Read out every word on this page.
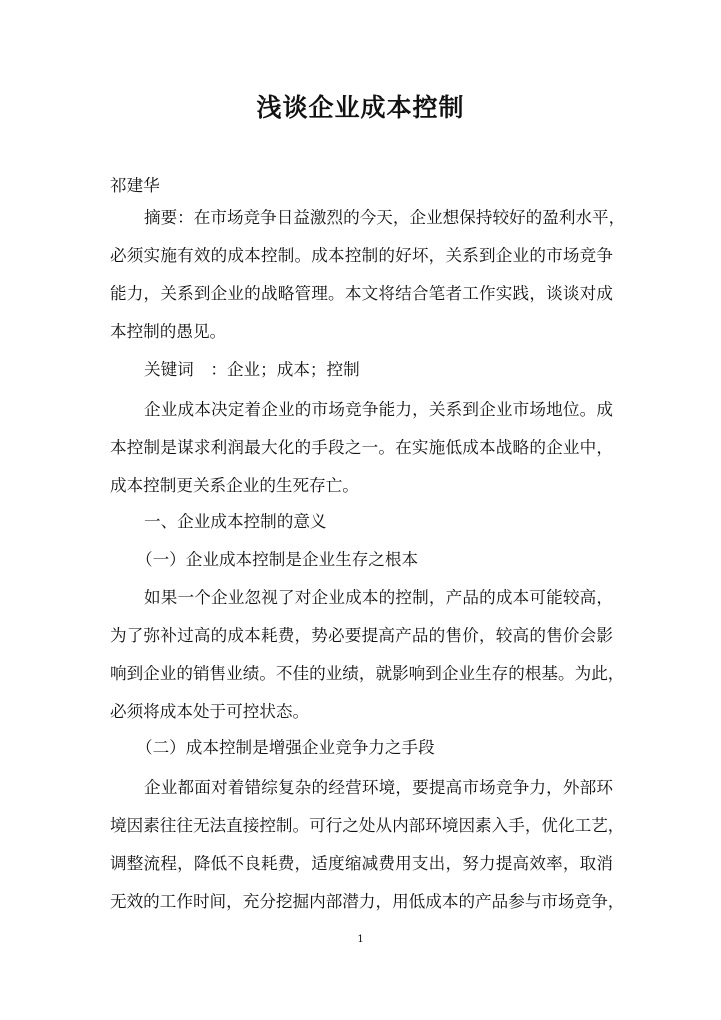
浅谈企业成本控制
祁建华
摘要：在市场竞争日益激烈的今天，企业想保持较好的盈利水平，
必须实施有效的成本控制。成本控制的好坏，关系到企业的市场竞争
能力，关系到企业的战略管理。本文将结合笔者工作实践，谈谈对成
本控制的愚见。
关键词　：企业；成本；控制
企业成本决定着企业的市场竞争能力，关系到企业市场地位。成
本控制是谋求利润最大化的手段之一。在实施低成本战略的企业中，
成本控制更关系企业的生死存亡。
一、企业成本控制的意义
（一）企业成本控制是企业生存之根本
如果一个企业忽视了对企业成本的控制，产品的成本可能较高，
为了弥补过高的成本耗费，势必要提高产品的售价，较高的售价会影
响到企业的销售业绩。不佳的业绩，就影响到企业生存的根基。为此，
必须将成本处于可控状态。
（二）成本控制是增强企业竞争力之手段
企业都面对着错综复杂的经营环境，要提高市场竞争力，外部环
境因素往往无法直接控制。可行之处从内部环境因素入手，优化工艺，
调整流程，降低不良耗费，适度缩减费用支出，努力提高效率，取消
无效的工作时间，充分挖掘内部潜力，用低成本的产品参与市场竞争，
1
